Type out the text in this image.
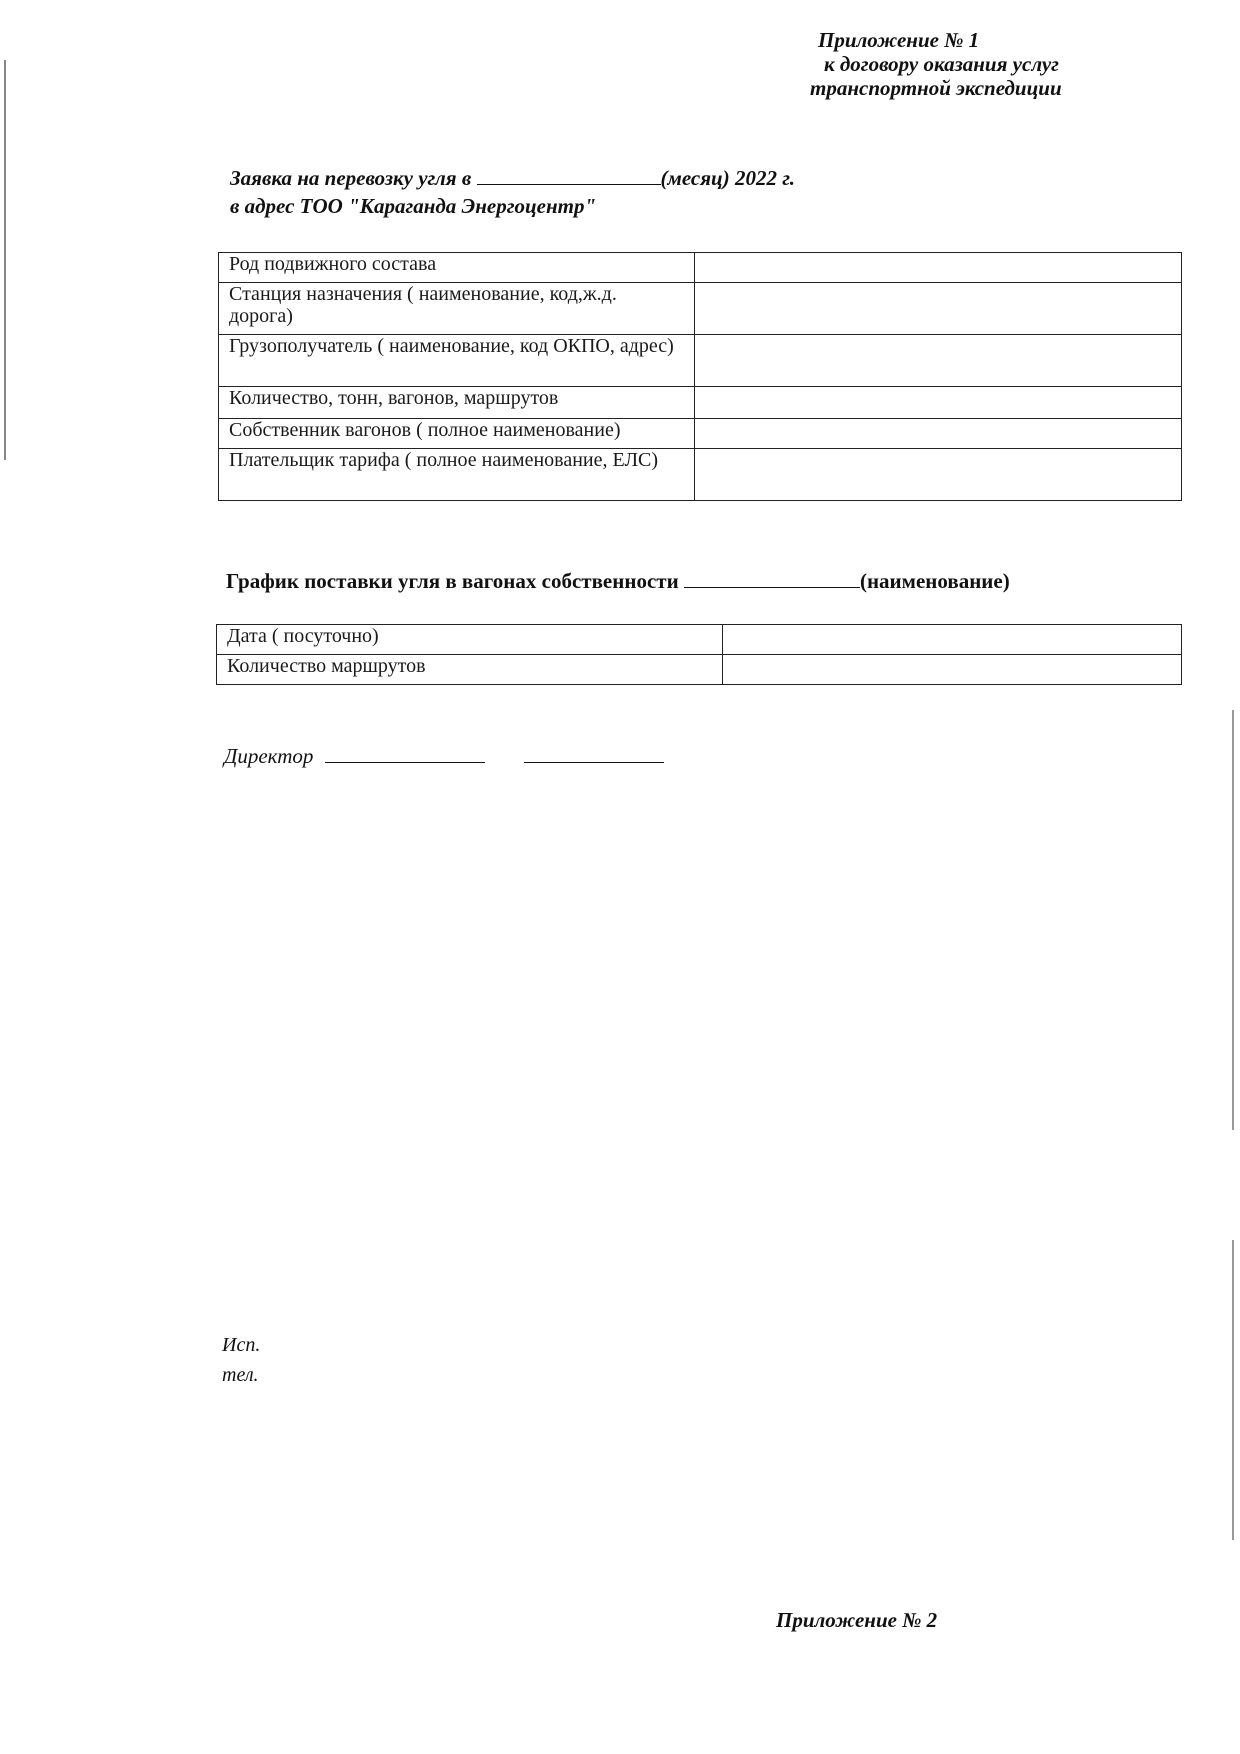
Приложение № 1
к договору оказания услуг
транспортной экспедиции
Заявка на перевозку угля в	(месяц) 2022 г.
в адрес ТОО "Караганда Энергоцентр"
Род подвижного состава	
Станция назначения ( наименование, код,ж.д. дорога)	
Грузополучатель ( наименование, код ОКПО, адрес)	
Количество, тонн, вагонов, маршрутов	
Собственник вагонов ( полное наименование)	
Плательщик тарифа ( полное наименование, ЕЛС)	
График поставки угля в вагонах собственности	(наименование)
Дата ( посуточно)	
Количество маршрутов	
Директор
Исп.
тел.
Приложение № 2
